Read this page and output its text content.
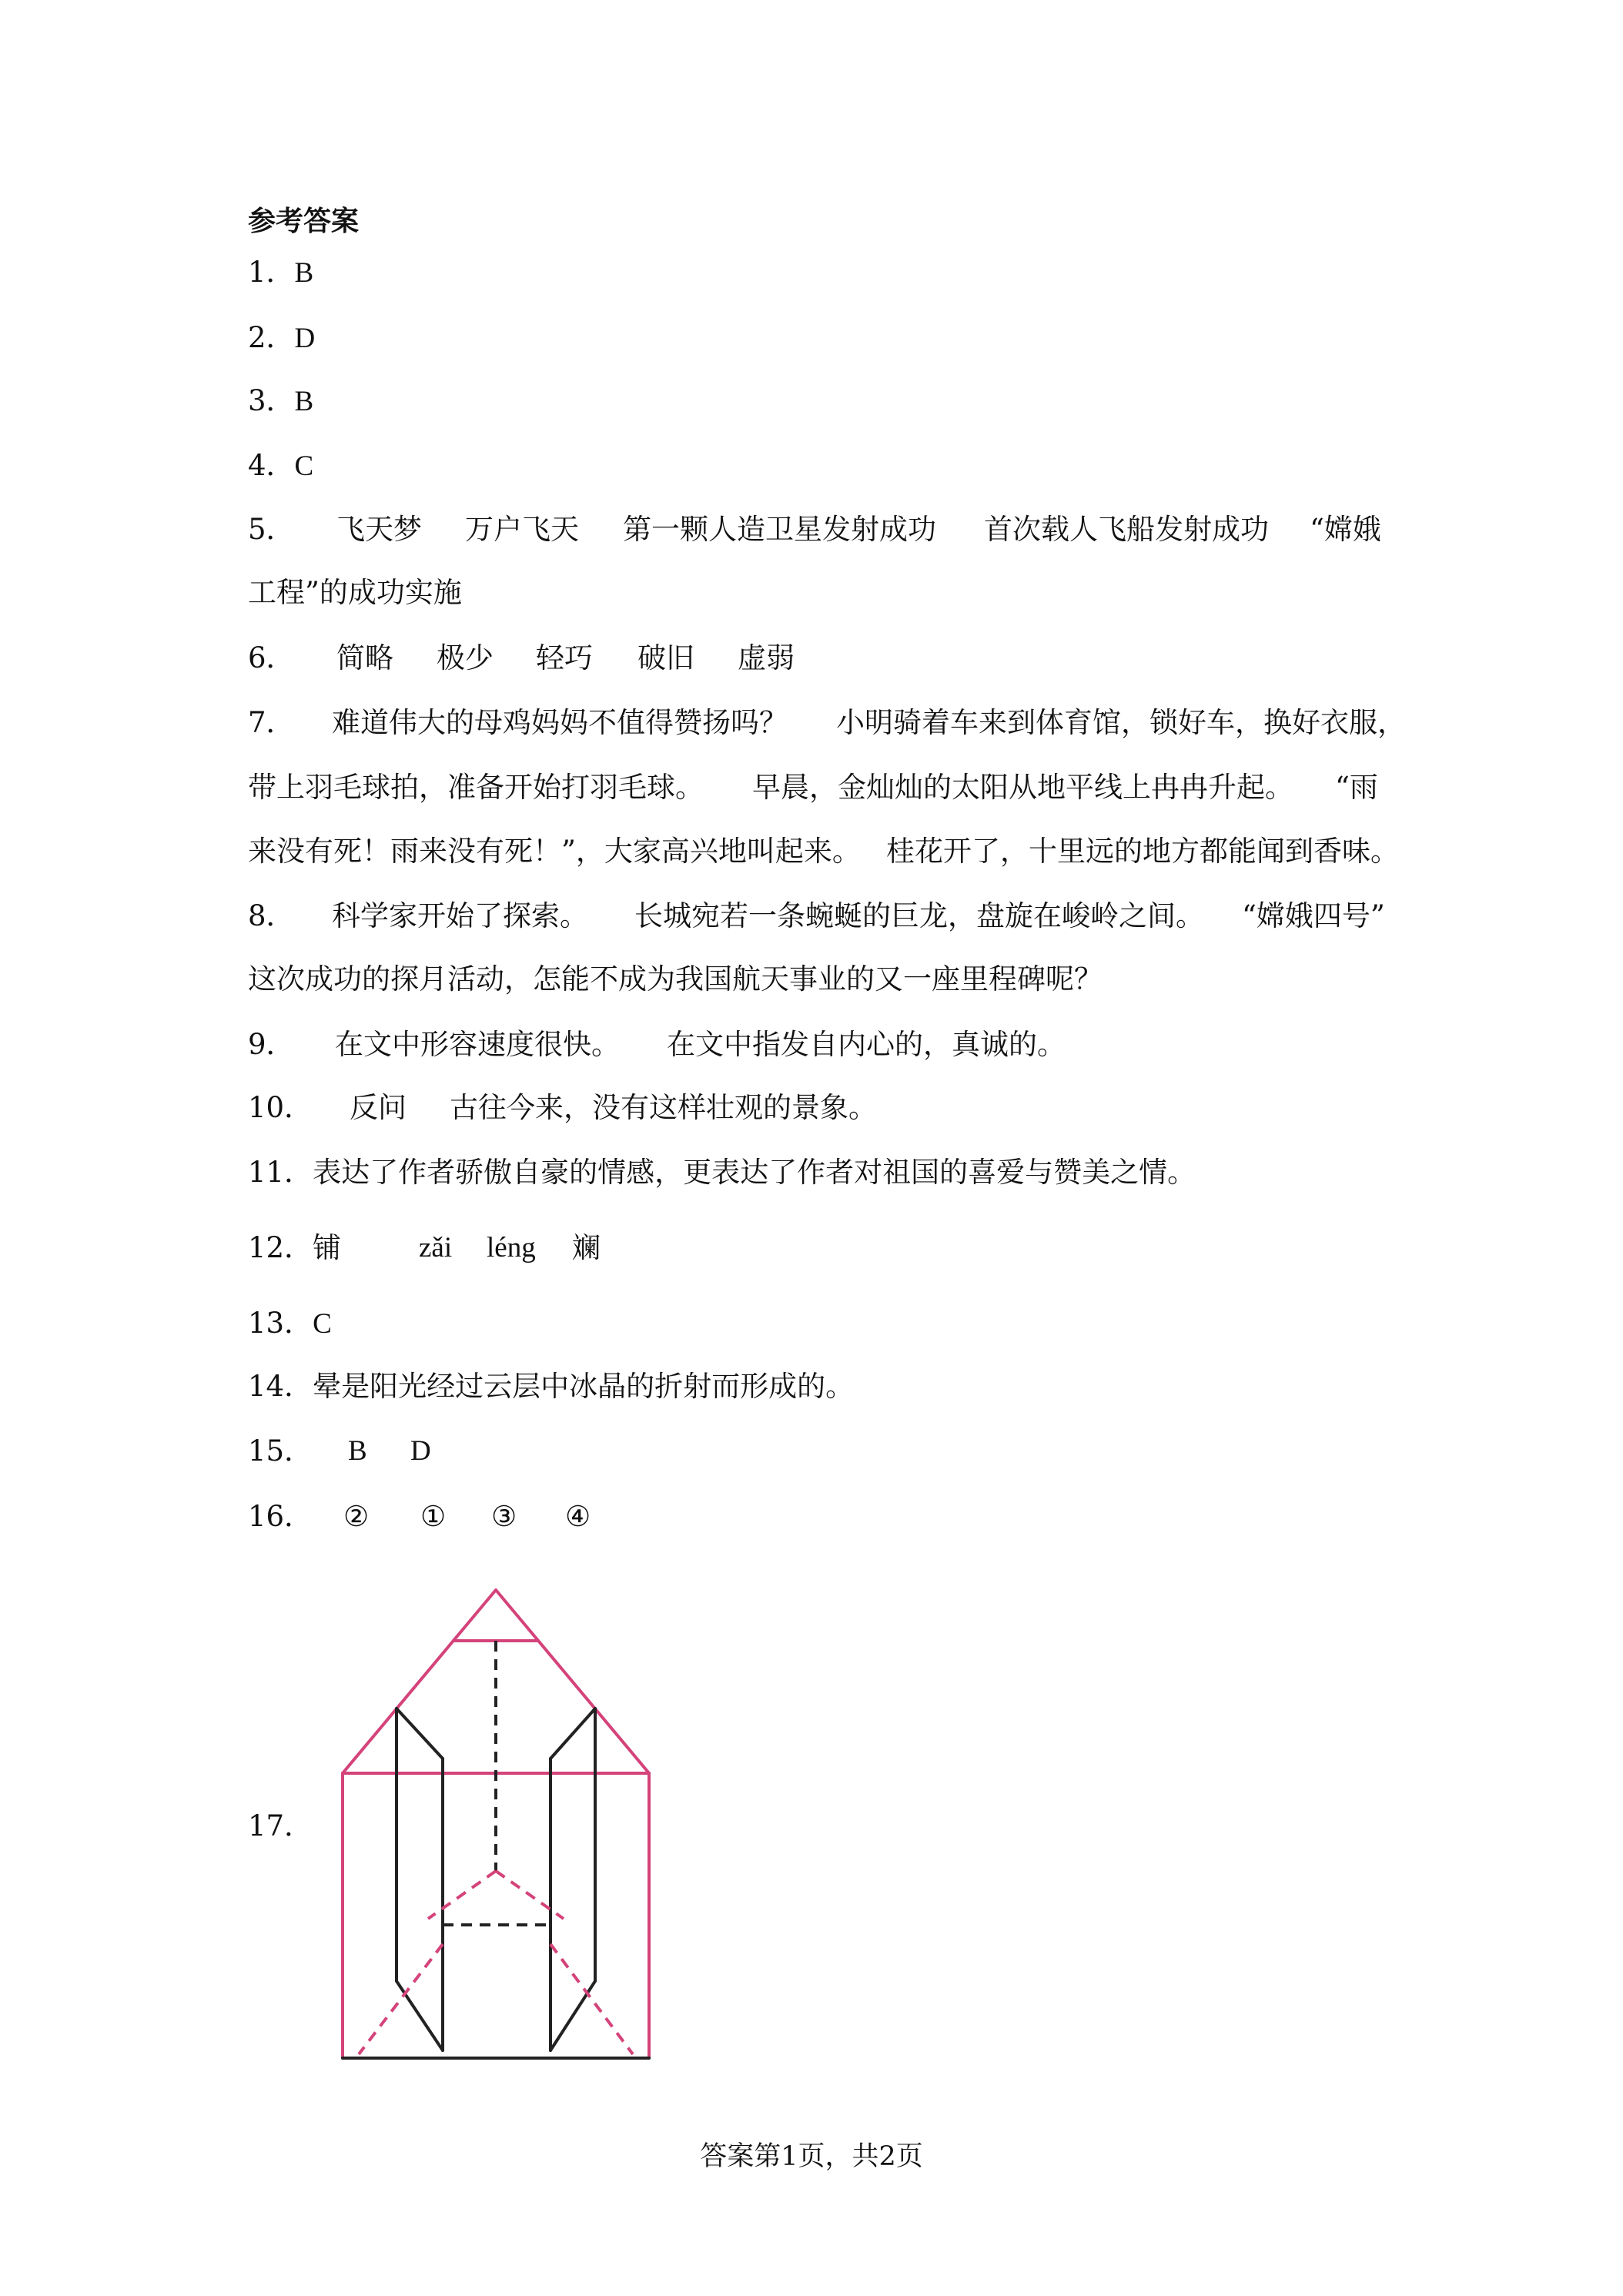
参考答案
1．B
2．D
3．B
4．C
5． 飞天梦 万户飞天 第一颗人造卫星发射成功 首次载人飞船发射成功 “嫦娥
工程”的成功实施
6． 简略 极少 轻巧 破旧 虚弱
7． 难道伟大的母鸡妈妈不值得赞扬吗？ 小明骑着车来到体育馆，锁好车，换好衣服，
带上羽毛球拍，准备开始打羽毛球。 早晨，金灿灿的太阳从地平线上冉冉升起。 “雨
来没有死！雨来没有死！”，大家高兴地叫起来。 桂花开了，十里远的地方都能闻到香味。
8． 科学家开始了探索。 长城宛若一条蜿蜒的巨龙，盘旋在峻岭之间。 “嫦娥四号”
这次成功的探月活动，怎能不成为我国航天事业的又一座里程碑呢？
9． 在文中形容速度很快。 在文中指发自内心的，真诚的。
10． 反问 古往今来，没有这样壮观的景象。
11．表达了作者骄傲自豪的情感，更表达了作者对祖国的喜爱与赞美之情。
12．铺	zǎi léng 斓
13．C
14．晕是阳光经过云层中冰晶的折射而形成的。
15． B D
16． ② ① ③ ④
17．
答案第1页，共2页
